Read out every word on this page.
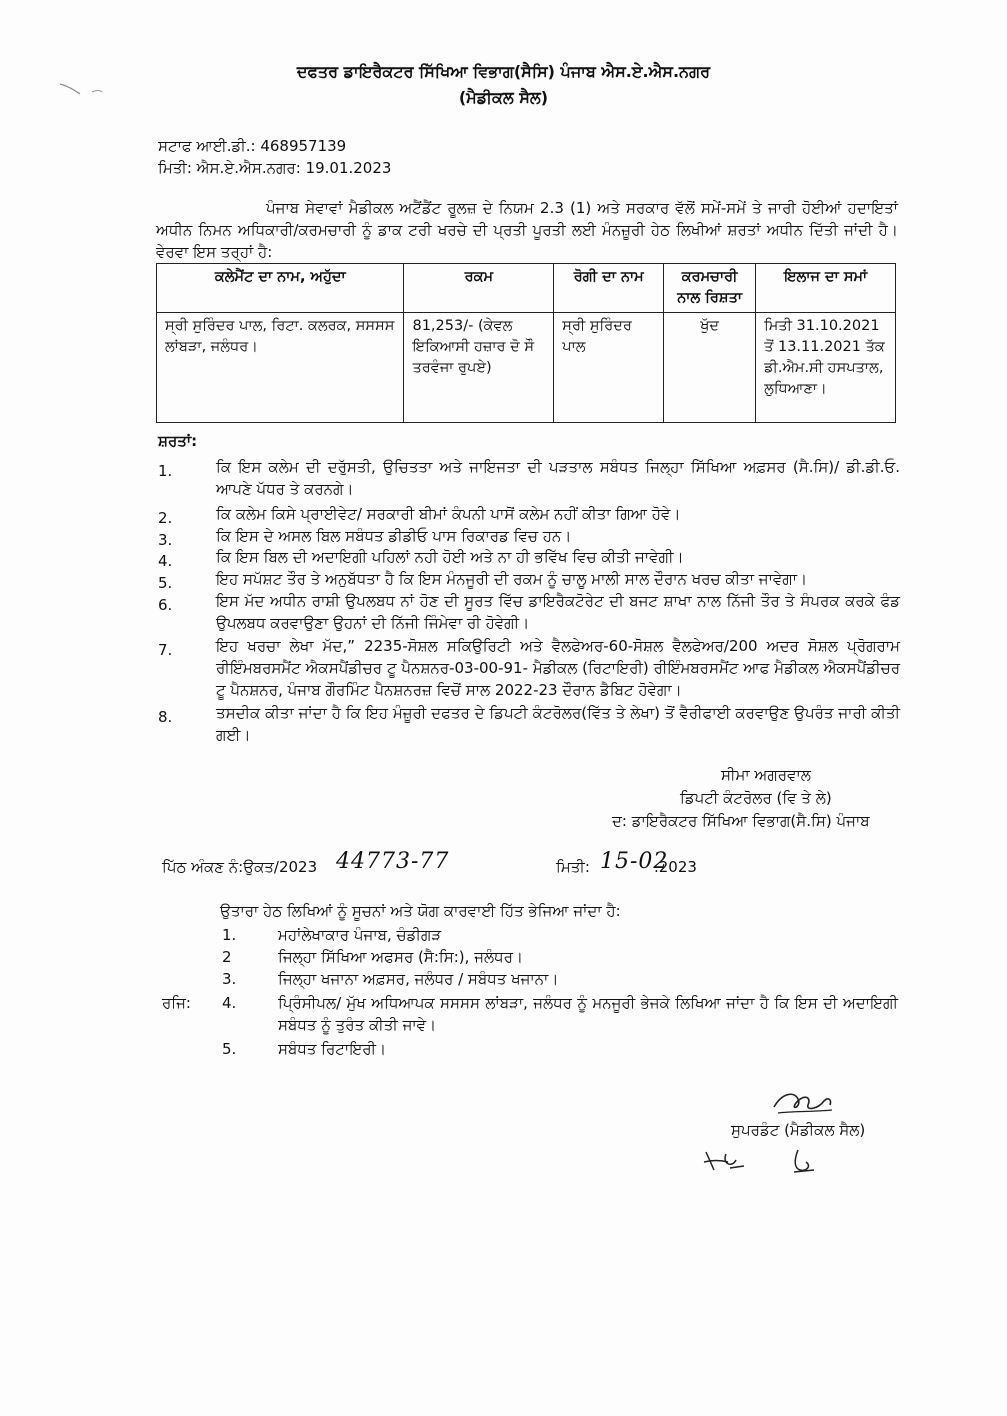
ਦਫਤਰ ਡਾਇਰੈਕਟਰ ਸਿੱਖਿਆ ਵਿਭਾਗ(ਸੈਸਿ) ਪੰਜਾਬ ਐਸ.ਏ.ਐਸ.ਨਗਰ
(ਮੈਡੀਕਲ ਸੈਲ)
ਸਟਾਫ ਆਈ.ਡੀ.: 468957139
ਮਿਤੀ: ਐਸ.ਏ.ਐਸ.ਨਗਰ: 19.01.2023
ਪੰਜਾਬ ਸੇਵਾਵਾਂ ਮੈਡੀਕਲ ਅਟੈਂਡੈਂਟ ਰੂਲਜ਼ ਦੇ ਨਿਯਮ 2.3 (1) ਅਤੇ ਸਰਕਾਰ ਵੱਲੋਂ ਸਮੇਂ-ਸਮੇਂ ਤੇ ਜਾਰੀ ਹੋਈਆਂ ਹਦਾਇਤਾਂ ਅਧੀਨ ਨਿਮਨ ਅਧਿਕਾਰੀ/ਕਰਮਚਾਰੀ ਨੂੰ ਡਾਕ ਟਰੀ ਖਰਚੇ ਦੀ ਪ੍ਰਤੀ ਪੂਰਤੀ ਲਈ ਮੰਨਜ਼ੂਰੀ ਹੇਠ ਲਿਖੀਆਂ ਸ਼ਰਤਾਂ ਅਧੀਨ ਦਿੱਤੀ ਜਾਂਦੀ ਹੈ। ਵੇਰਵਾ ਇਸ ਤਰ੍ਹਾਂ ਹੈ:
ਕਲੇਮੈਂਟ ਦਾ ਨਾਮ, ਅਹੁੱਦਾ	ਰਕਮ	ਰੋਗੀ ਦਾ ਨਾਮ	ਕਰਮਚਾਰੀ ਨਾਲ ਰਿਸ਼ਤਾ	ਇਲਾਜ ਦਾ ਸਮਾਂ
ਸ੍ਰੀ ਸੁਰਿੰਦਰ ਪਾਲ, ਰਿਟਾ. ਕਲਰਕ, ਸਸਸਸ ਲਾਂਬੜਾ, ਜਲੰਧਰ।	81,253/- (ਕੇਵਲ ਇਕਿਆਸੀ ਹਜ਼ਾਰ ਦੋ ਸੌ ਤਰਵੰਜਾ ਰੁਪਏ)	ਸ੍ਰੀ ਸੁਰਿੰਦਰ ਪਾਲ	ਖੁੱਦ	ਮਿਤੀ 31.10.2021 ਤੋਂ 13.11.2021 ਤੱਕ ਡੀ.ਐਮ.ਸੀ ਹਸਪਤਾਲ, ਲੁਧਿਆਣਾ।
ਸ਼ਰਤਾਂ:
1.	ਕਿ ਇਸ ਕਲੇਮ ਦੀ ਦਰੁੱਸਤੀ, ਉਚਿਤਤਾ ਅਤੇ ਜਾਇਜਤਾ ਦੀ ਪੜਤਾਲ ਸਬੰਧਤ ਜਿਲ੍ਹਾ ਸਿੱਖਿਆ ਅਫ਼ਸਰ (ਸੈ.ਸਿ)/ ਡੀ.ਡੀ.ਓ. ਆਪਣੇ ਪੱਧਰ ਤੇ ਕਰਨਗੇ।
2.	ਕਿ ਕਲੇਮ ਕਿਸੇ ਪ੍ਰਾਈਵੇਟ/ ਸਰਕਾਰੀ ਬੀਮਾਂ ਕੰਪਨੀ ਪਾਸੋਂ ਕਲੇਮ ਨਹੀਂ ਕੀਤਾ ਗਿਆ ਹੋਵੇ।
3.	ਕਿ ਇਸ ਦੇ ਅਸਲ ਬਿਲ ਸਬੰਧਤ ਡੀਡੀਓ ਪਾਸ ਰਿਕਾਰਡ ਵਿਚ ਹਨ।
4.	ਕਿ ਇਸ ਬਿਲ ਦੀ ਅਦਾਇਗੀ ਪਹਿਲਾਂ ਨਹੀ ਹੋਈ ਅਤੇ ਨਾ ਹੀ ਭਵਿੱਖ ਵਿਚ ਕੀਤੀ ਜਾਵੇਗੀ।
5.	ਇਹ ਸਪੱਸ਼ਟ ਤੌਰ ਤੇ ਅਨੁਬੱਧਤਾ ਹੈ ਕਿ ਇਸ ਮੰਨਜੂਰੀ ਦੀ ਰਕਮ ਨੂੰ ਚਾਲੂ ਮਾਲੀ ਸਾਲ ਦੌਰਾਨ ਖਰਚ ਕੀਤਾ ਜਾਵੇਗਾ।
6.	ਇਸ ਮੱਦ ਅਧੀਨ ਰਾਸ਼ੀ ਉਪਲਬਧ ਨਾਂ ਹੋਣ ਦੀ ਸੂਰਤ ਵਿੱਚ ਡਾਇਰੈਕਟੋਰੇਟ ਦੀ ਬਜਟ ਸ਼ਾਖਾ ਨਾਲ ਨਿੱਜੀ ਤੌਰ ਤੇ ਸੰਪਰਕ ਕਰਕੇ ਫੰਡ ਉਪਲਬਧ ਕਰਵਾਉਣਾ ਉਹਨਾਂ ਦੀ ਨਿੱਜੀ ਜਿੰਮੇਵਾ ਰੀ ਹੋਵੇਗੀ।
7.	ਇਹ ਖਰਚਾ ਲੇਖਾ ਮੱਦ,” 2235-ਸੋਸ਼ਲ ਸਕਿਉਰਿਟੀ ਅਤੇ ਵੈਲਫੇਅਰ-60-ਸੋਸ਼ਲ ਵੈਲਫੇਅਰ/200 ਅਦਰ ਸੋਸ਼ਲ ਪ੍ਰੋਗਰਾਮ ਰੀਇੰਮਬਰਸਮੈਂਟ ਐਕਸਪੈਂਡੀਚਰ ਟੂ ਪੈਨਸ਼ਨਰ-03-00-91- ਮੈਡੀਕਲ (ਰਿਟਾਇਰੀ) ਰੀਇੰਮਬਰਸਮੈਂਟ ਆਫ ਮੈਡੀਕਲ ਐਕਸਪੈਂਡੀਚਰ ਟੂ ਪੈਨਸ਼ਨਰ, ਪੰਜਾਬ ਗੌਰਮਿੰਟ ਪੈਨਸ਼ਨਰਜ਼ ਵਿਚੋਂ ਸਾਲ 2022-23 ਦੌਰਾਨ ਡੈਬਿਟ ਹੋਵੇਗਾ।
8.	ਤਸਦੀਕ ਕੀਤਾ ਜਾਂਦਾ ਹੈ ਕਿ ਇਹ ਮੰਜ਼ੂਰੀ ਦਫਤਰ ਦੇ ਡਿਪਟੀ ਕੰਟਰੋਲਰ(ਵਿੱਤ ਤੇ ਲੇਖਾ) ਤੋਂ ਵੈਰੀਫਾਈ ਕਰਵਾਉਣ ਉਪਰੰਤ ਜਾਰੀ ਕੀਤੀ ਗਈ।
ਸੀਮਾ ਅਗਰਵਾਲ
ਡਿਪਟੀ ਕੰਟਰੋਲਰ (ਵਿ ਤੇ ਲੇ)
ਦ: ਡਾਇਰੈਕਟਰ ਸਿੱਖਿਆ ਵਿਭਾਗ(ਸੈ.ਸਿ) ਪੰਜਾਬ
ਪਿੱਠ ਅੰਕਣ ਨੰ:ਉਕਤ/2023 44773-77	ਮਿਤੀ: 15-02
.2023
ਉਤਾਰਾ ਹੇਠ ਲਿਖਿਆਂ ਨੂੰ ਸੂਚਨਾਂ ਅਤੇ ਯੋਗ ਕਾਰਵਾਈ ਹਿੱਤ ਭੇਜਿਆ ਜਾਂਦਾ ਹੈ:
1.	ਮਹਾਂਲੇਖਾਕਾਰ ਪੰਜਾਬ, ਚੰਡੀਗੜ
2	ਜਿਲ੍ਹਾ ਸਿੱਖਿਆ ਅਫਸਰ (ਸੈ:ਸਿ:), ਜਲੰਧਰ।
3.	ਜਿਲ੍ਹਾ ਖਜਾਨਾ ਅਫ਼ਸਰ, ਜਲੰਧਰ / ਸਬੰਧਤ ਖਜਾਨਾ।
ਰਜਿ: 4.	ਪ੍ਰਿੰਸੀਪਲ/ ਮੁੱਖ ਅਧਿਆਪਕ ਸਸਸਸ ਲਾਂਬੜਾ, ਜਲੰਧਰ ਨੂੰ ਮਨਜੂਰੀ ਭੇਜਕੇ ਲਿਖਿਆ ਜਾਂਦਾ ਹੈ ਕਿ ਇਸ ਦੀ ਅਦਾਇਗੀ ਸਬੰਧਤ ਨੂੰ ਤੁਰੰਤ ਕੀਤੀ ਜਾਵੇ।
5.	ਸਬੰਧਤ ਰਿਟਾਇਰੀ।
ਸੁਪਰਡੰਟ (ਮੈਡੀਕਲ ਸੈਲ)
